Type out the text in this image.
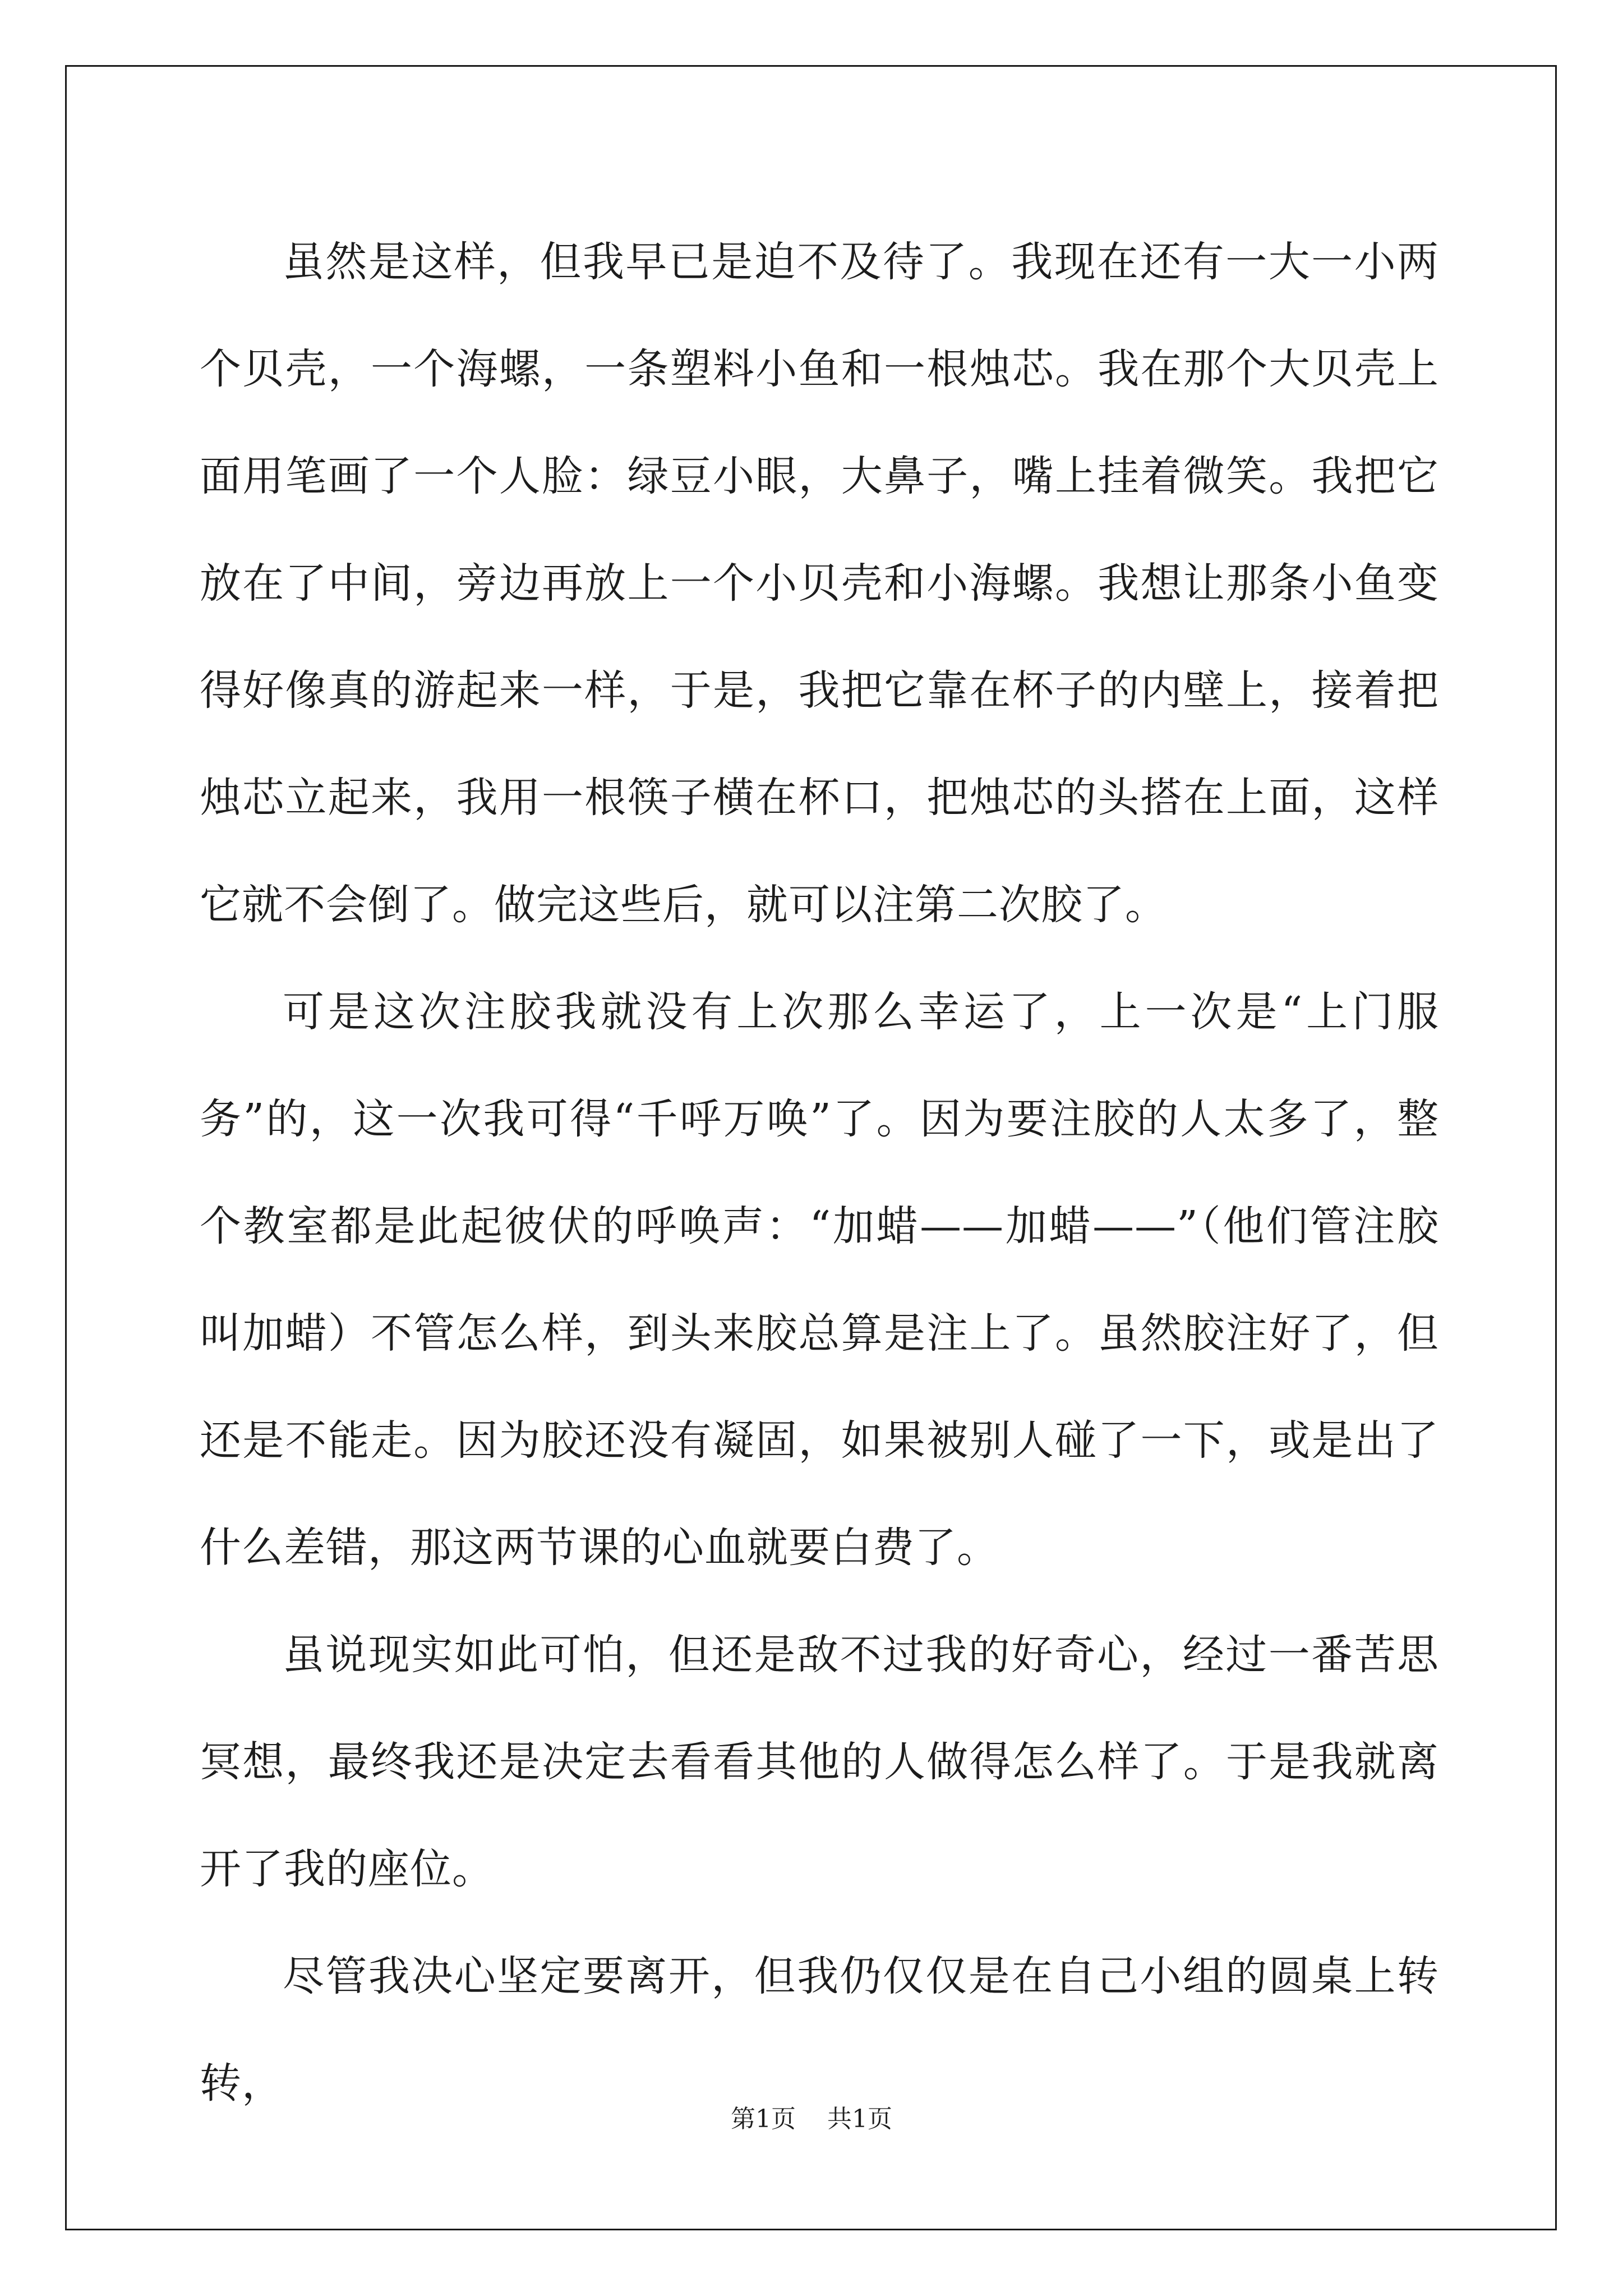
虽然是这样，但我早已是迫不及待了。我现在还有一大一小两个贝壳，一个海螺，一条塑料小鱼和一根烛芯。我在那个大贝壳上面用笔画了一个人脸：绿豆小眼，大鼻子，嘴上挂着微笑。我把它放在了中间，旁边再放上一个小贝壳和小海螺。我想让那条小鱼变得好像真的游起来一样，于是，我把它靠在杯子的内壁上，接着把烛芯立起来，我用一根筷子横在杯口，把烛芯的头搭在上面，这样它就不会倒了。做完这些后，就可以注第二次胶了。

可是这次注胶我就没有上次那么幸运了，上一次是“上门服务”的，这一次我可得“千呼万唤”了。因为要注胶的人太多了，整个教室都是此起彼伏的呼唤声：“加蜡——加蜡——”（他们管注胶叫加蜡）不管怎么样，到头来胶总算是注上了。虽然胶注好了，但还是不能走。因为胶还没有凝固，如果被别人碰了一下，或是出了什么差错，那这两节课的心血就要白费了。

虽说现实如此可怕，但还是敌不过我的好奇心，经过一番苦思冥想，最终我还是决定去看看其他的人做得怎么样了。于是我就离开了我的座位。

尽管我决心坚定要离开，但我仍仅仅是在自己小组的圆桌上转转，

第1页 共1页
